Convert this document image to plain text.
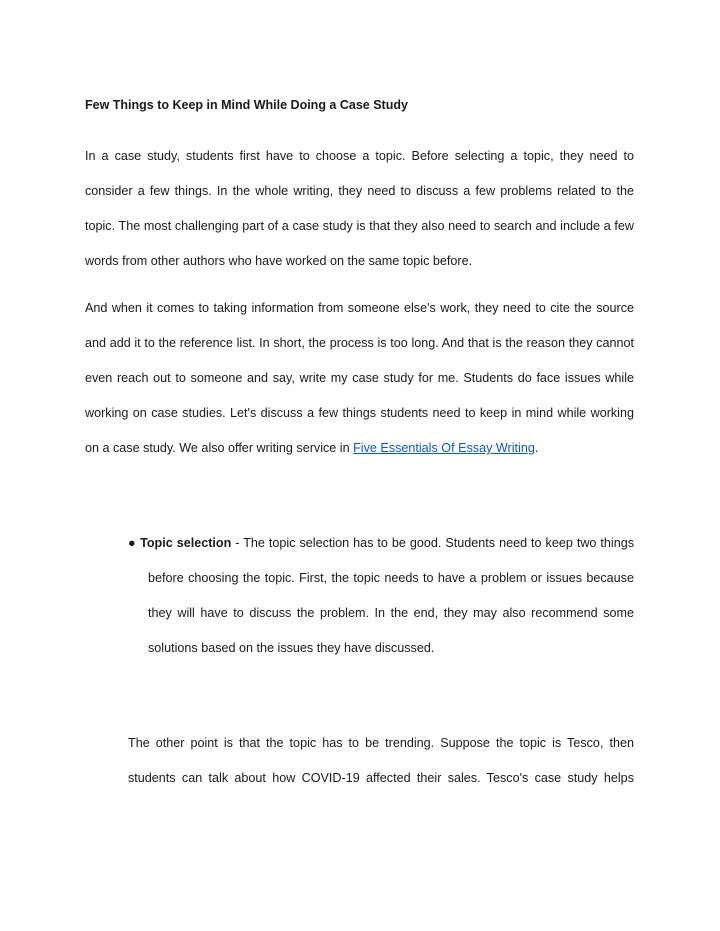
Few Things to Keep in Mind While Doing a Case Study

In a case study, students first have to choose a topic. Before selecting a topic, they need to consider a few things. In the whole writing, they need to discuss a few problems related to the topic. The most challenging part of a case study is that they also need to search and include a few words from other authors who have worked on the same topic before.

And when it comes to taking information from someone else's work, they need to cite the source and add it to the reference list. In short, the process is too long. And that is the reason they cannot even reach out to someone and say, write my case study for me. Students do face issues while working on case studies. Let's discuss a few things students need to keep in mind while working on a case study. We also offer writing service in Five Essentials Of Essay Writing.

● Topic selection - The topic selection has to be good. Students need to keep two things
before choosing the topic. First, the topic needs to have a problem or issues because they will have to discuss the problem. In the end, they may also recommend some solutions based on the issues they have discussed.

The other point is that the topic has to be trending. Suppose the topic is Tesco, then students can talk about how COVID-19 affected their sales. Tesco's case study helps
